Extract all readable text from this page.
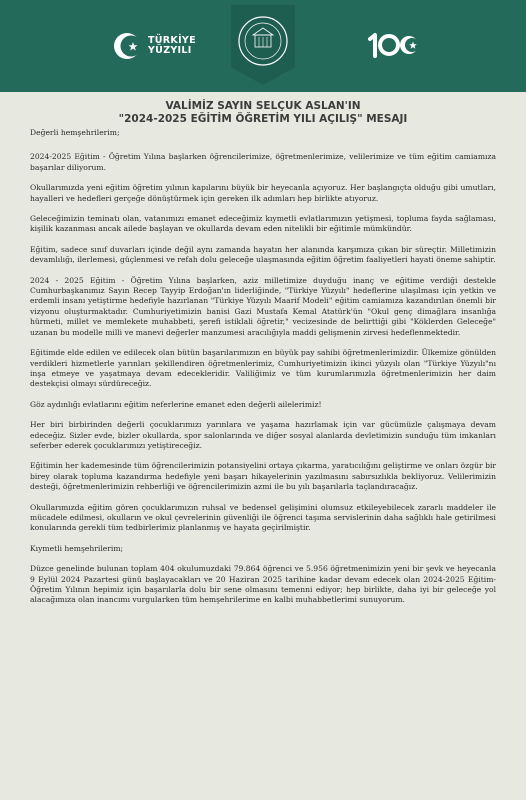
TÜRKİYE
YÜZYILI
VALİMİZ SAYIN SELÇUK ASLAN'IN
"2024-2025 EĞİTİM ÖĞRETİM YILI AÇILIŞ" MESAJI

Değerli hemşehrilerim;

2024-2025 Eğitim - Öğretim Yılına başlarken öğrencilerimize, öğretmenlerimize, velilerimize ve tüm eğitim camiamıza başarılar diliyorum.

Okullarımızda yeni eğitim öğretim yılının kapılarını büyük bir heyecanla açıyoruz. Her başlangıçta olduğu gibi umutları, hayalleri ve hedefleri gerçeğe dönüştürmek için gereken ilk adımları hep birlikte atıyoruz.

Geleceğimizin teminatı olan, vatanımızı emanet edeceğimiz kıymetli evlatlarımızın yetişmesi, topluma fayda sağlaması, kişilik kazanması ancak ailede başlayan ve okullarda devam eden nitelikli bir eğitimle mümkündür.

Eğitim, sadece sınıf duvarları içinde değil aynı zamanda hayatın her alanında karşımıza çıkan bir süreçtir. Milletimizin devamlılığı, ilerlemesi, güçlenmesi ve refah dolu geleceğe ulaşmasında eğitim öğretim faaliyetleri hayati öneme sahiptir.

2024 - 2025 Eğitim - Öğretim Yılına başlarken, aziz milletimize duyduğu inanç ve eğitime verdiği destekle Cumhurbaşkanımız Sayın Recep Tayyip Erdoğan'ın liderliğinde, "Türkiye Yüzyılı" hedeflerine ulaşılması için yetkin ve erdemli insanı yetiştirme hedefiyle hazırlanan "Türkiye Yüzyılı Maarif Modeli" eğitim camiamıza kazandırılan önemli bir vizyonu oluşturmaktadır. Cumhuriyetimizin banisi Gazi Mustafa Kemal Atatürk'ün "Okul genç dimağlara insanlığa hürmeti, millet ve memlekete muhabbeti, şerefi istiklali öğretir," vecizesinde de belirttiği gibi "Köklerden Geleceğe" uzanan bu modelle milli ve manevi değerler manzumesi aracılığıyla maddi gelişmenin zirvesi hedeflenmektedir.

Eğitimde elde edilen ve edilecek olan bütün başarılarımızın en büyük pay sahibi öğretmenlerimizdir. Ülkemize gönülden verdikleri hizmetlerle yarınları şekillendiren öğretmenlerimiz, Cumhuriyetimizin ikinci yüzyılı olan "Türkiye Yüzyılı"nı inşa etmeye ve yaşatmaya devam edecekleridir. Valiliğimiz ve tüm kurumlarımızla öğretmenlerimizin her daim destekçisi olmayı sürdüreceğiz.

Göz aydınlığı evlatlarını eğitim neferlerine emanet eden değerli ailelerimiz!

Her biri birbirinden değerli çocuklarımızı yarınlara ve yaşama hazırlamak için var gücümüzle çalışmaya devam edeceğiz. Sizler evde, bizler okullarda, spor salonlarında ve diğer sosyal alanlarda devletimizin sunduğu tüm imkanları seferber ederek çocuklarımızı yetiştireceğiz.

Eğitimin her kademesinde tüm öğrencilerimizin potansiyelini ortaya çıkarma, yaratıcılığını geliştirme ve onları özgür bir birey olarak topluma kazandırma hedefiyle yeni başarı hikayelerinin yazılmasını sabırsızlıkla bekliyoruz. Velilerimizin desteği, öğretmenlerimizin rehberliği ve öğrencilerimizin azmi ile bu yılı başarılarla taçlandıracağız.

Okullarımızda eğitim gören çocuklarımızın ruhsal ve bedensel gelişimini olumsuz etkileyebilecek zararlı maddeler ile mücadele edilmesi, okulların ve okul çevrelerinin güvenliği ile öğrenci taşıma servislerinin daha sağlıklı hale getirilmesi konularında gerekli tüm tedbirlerimiz planlanmış ve hayata geçirilmiştir.

Kıymetli hemşehrilerim;

Düzce genelinde bulunan toplam 404 okulumuzdaki 79.864 öğrenci ve 5.956 öğretmenimizin yeni bir şevk ve heyecanla 9 Eylül 2024 Pazartesi günü başlayacakları ve 20 Haziran 2025 tarihine kadar devam edecek olan 2024-2025 Eğitim-Öğretim Yılının hepimiz için başarılarla dolu bir sene olmasını temenni ediyor; hep birlikte, daha iyi bir geleceğe yol alacağımıza olan inancımı vurgularken tüm hemşehrilerime en kalbi muhabbetlerimi sunuyorum.
